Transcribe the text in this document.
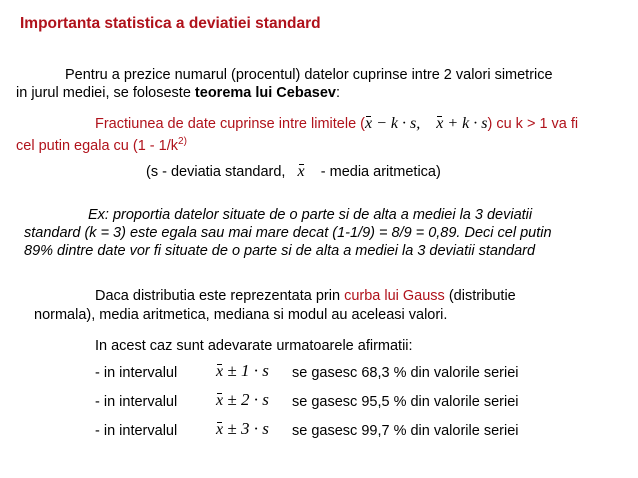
Importanta statistica a deviatiei standard
Pentru a prezice numarul (procentul) datelor cuprinse intre 2 valori simetrice
in jurul mediei, se foloseste teorema lui Cebasev:
Fractiunea de date cuprinse intre limitele (x − k · s, x + k · s) cu k > 1 va fi
cel putin egala cu ($1 - 1/k^{2)}$
(s - deviatia standard, x - media aritmetica)
Ex: proportia datelor situate de o parte si de alta a mediei la 3 deviatii
standard (k = 3) este egala sau mai mare decat (1-1/9) = 8/9 = 0,89. Deci cel putin
89% dintre date vor fi situate de o parte si de alta a mediei la 3 deviatii standard
Daca distributia este reprezentata prin curba lui Gauss (distributie
normala), media aritmetica, mediana si modul au aceleasi valori.
In acest caz sunt adevarate urmatoarele afirmatii:
- in intervalul x ± 1 · s se gasesc 68,3 % din valorile seriei
- in intervalul x ± 2 · s se gasesc 95,5 % din valorile seriei
- in intervalul x ± 3 · s se gasesc 99,7 % din valorile seriei
